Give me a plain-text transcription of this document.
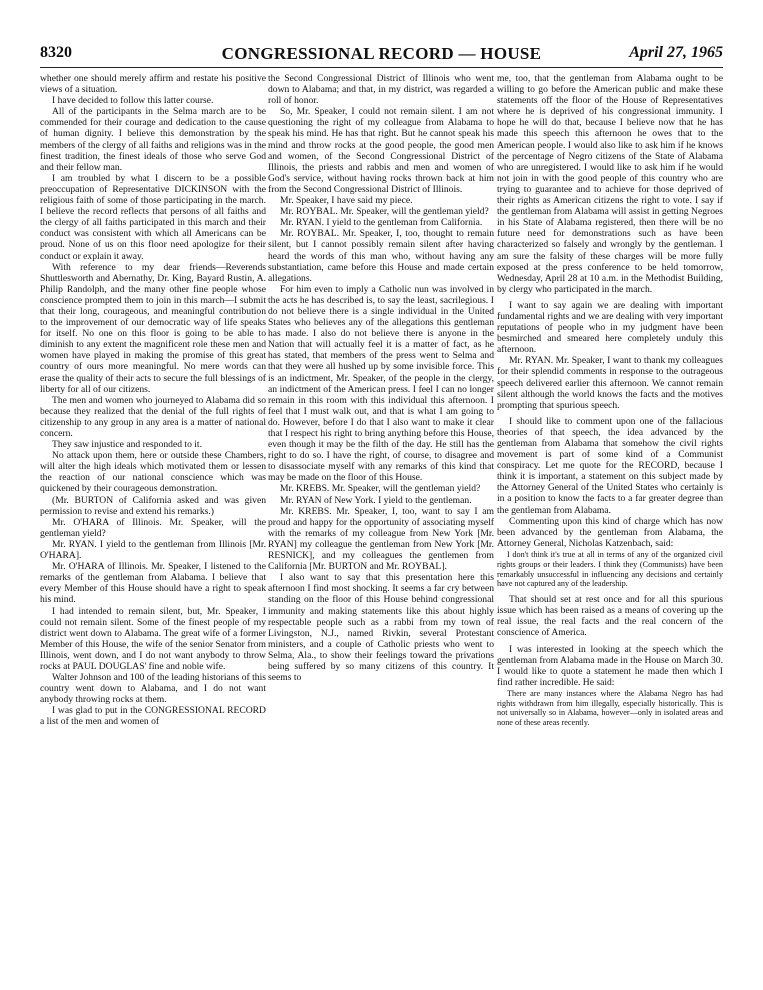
8320	CONGRESSIONAL RECORD — HOUSE	April 27, 1965

whether one should merely affirm and restate his positive views of a situation.

I have decided to follow this latter course.

All of the participants in the Selma march are to be commended for their courage and dedication to the cause of human dignity. I believe this demonstration by the members of the clergy of all faiths and religions was in the finest tradition, the finest ideals of those who serve God and their fellow man.

I am troubled by what I discern to be a possible preoccupation of Representative DICKINSON with the religious faith of some of those participating in the march. I believe the record reflects that persons of all faiths and the clergy of all faiths participated in this march and their conduct was consistent with which all Americans can be proud. None of us on this floor need apologize for their conduct or explain it away.

With reference to my dear friends—Reverends Shuttlesworth and Abernathy, Dr. King, Bayard Rustin, A. Philip Randolph, and the many other fine people whose conscience prompted them to join in this march—I submit that their long, courageous, and meaningful contribution to the improvement of our democratic way of life speaks for itself. No one on this floor is going to be able to diminish to any extent the magnificent role these men and women have played in making the promise of this great country of ours more meaningful. No mere words can erase the quality of their acts to secure the full blessings of liberty for all of our citizens.

The men and women who journeyed to Alabama did so because they realized that the denial of the full rights of citizenship to any group in any area is a matter of national concern.

They saw injustice and responded to it.

No attack upon them, here or outside these Chambers, will alter the high ideals which motivated them or lessen the reaction of our national conscience which was quickened by their courageous demonstration.

(Mr. BURTON of California asked and was given permission to revise and extend his remarks.)

Mr. O'HARA of Illinois. Mr. Speaker, will the gentleman yield?

Mr. RYAN. I yield to the gentleman from Illinois [Mr. O'HARA].

Mr. O'HARA of Illinois. Mr. Speaker, I listened to the remarks of the gentleman from Alabama. I believe that every Member of this House should have a right to speak his mind.

I had intended to remain silent, but, Mr. Speaker, I could not remain silent. Some of the finest people of my district went down to Alabama. The great wife of a former Member of this House, the wife of the senior Senator from Illinois, went down, and I do not want anybody to throw rocks at PAUL DOUGLAS' fine and noble wife.

Walter Johnson and 100 of the leading historians of this country went down to Alabama, and I do not want anybody throwing rocks at them.

I was glad to put in the CONGRESSIONAL RECORD a list of the men and women of

the Second Congressional District of Illinois who went down to Alabama; and that, in my district, was regarded a roll of honor.

So, Mr. Speaker, I could not remain silent. I am not questioning the right of my colleague from Alabama to speak his mind. He has that right. But he cannot speak his mind and throw rocks at the good people, the good men and women, of the Second Congressional District of Illinois, the priests and rabbis and men and women of God's service, without having rocks thrown back at him from the Second Congressional District of Illinois.

Mr. Speaker, I have said my piece.

Mr. ROYBAL. Mr. Speaker, will the gentleman yield?

Mr. RYAN. I yield to the gentleman from California.

Mr. ROYBAL. Mr. Speaker, I, too, thought to remain silent, but I cannot possibly remain silent after having heard the words of this man who, without having any substantiation, came before this House and made certain allegations.

For him even to imply a Catholic nun was involved in the acts he has described is, to say the least, sacrilegious. I do not believe there is a single individual in the United States who believes any of the allegations this gentleman has made. I also do not believe there is anyone in the Nation that will actually feel it is a matter of fact, as he has stated, that members of the press went to Selma and that they were all hushed up by some invisible force. This is an indictment, Mr. Speaker, of the people in the clergy, an indictment of the American press. I feel I can no longer remain in this room with this individual this afternoon. I feel that I must walk out, and that is what I am going to do. However, before I do that I also want to make it clear that I respect his right to bring anything before this House, even though it may be the filth of the day. He still has the right to do so. I have the right, of course, to disagree and to disassociate myself with any remarks of this kind that may be made on the floor of this House.

Mr. KREBS. Mr. Speaker, will the gentleman yield?

Mr. RYAN of New York. I yield to the gentleman.

Mr. KREBS. Mr. Speaker, I, too, want to say I am proud and happy for the opportunity of associating myself with the remarks of my colleague from New York [Mr. RYAN] my colleague the gentleman from New York [Mr. RESNICK], and my colleagues the gentlemen from California [Mr. BURTON and Mr. ROYBAL].

I also want to say that this presentation here this afternoon I find most shocking. It seems a far cry between standing on the floor of this House behind congressional immunity and making statements like this about highly respectable people such as a rabbi from my town of Livingston, N.J., named Rivkin, several Protestant ministers, and a couple of Catholic priests who went to Selma, Ala., to show their feelings toward the privations being suffered by so many citizens of this country. It seems to

me, too, that the gentleman from Alabama ought to be willing to go before the American public and make these statements off the floor of the House of Representatives where he is deprived of his congressional immunity. I hope he will do that, because I believe now that he has made this speech this afternoon he owes that to the American people. I would also like to ask him if he knows the percentage of Negro citizens of the State of Alabama who are unregistered. I would like to ask him if he would not join in with the good people of this country who are trying to guarantee and to achieve for those deprived of their rights as American citizens the right to vote. I say if the gentleman from Alabama will assist in getting Negroes in his State of Alabama registered, then there will be no future need for demonstrations such as have been characterized so falsely and wrongly by the gentleman. I am sure the falsity of these charges will be more fully exposed at the press conference to be held tomorrow, Wednesday, April 28 at 10 a.m. in the Methodist Building, by clergy who participated in the march.

I want to say again we are dealing with important fundamental rights and we are dealing with very important reputations of people who in my judgment have been besmirched and smeared here completely unduly this afternoon.

Mr. RYAN. Mr. Speaker, I want to thank my colleagues for their splendid comments in response to the outrageous speech delivered earlier this afternoon. We cannot remain silent although the world knows the facts and the motives prompting that spurious speech.

I should like to comment upon one of the fallacious theories of that speech, the idea advanced by the gentleman from Alabama that somehow the civil rights movement is part of some kind of a Communist conspiracy. Let me quote for the RECORD, because I think it is important, a statement on this subject made by the Attorney General of the United States who certainly is in a position to know the facts to a far greater degree than the gentleman from Alabama.

Commenting upon this kind of charge which has now been advanced by the gentleman from Alabama, the Attorney General, Nicholas Katzenbach, said:

I don't think it's true at all in terms of any of the organized civil rights groups or their leaders. I think they (Communists) have been remarkably unsuccessful in influencing any decisions and certainly have not captured any of the leadership.

That should set at rest once and for all this spurious issue which has been raised as a means of covering up the real issue, the real facts and the real concern of the conscience of America.

I was interested in looking at the speech which the gentleman from Alabama made in the House on March 30. I would like to quote a statement he made then which I find rather incredible. He said:

There are many instances where the Alabama Negro has had rights withdrawn from him illegally, especially historically. This is not universally so in Alabama, however—only in isolated areas and none of these areas recently.
